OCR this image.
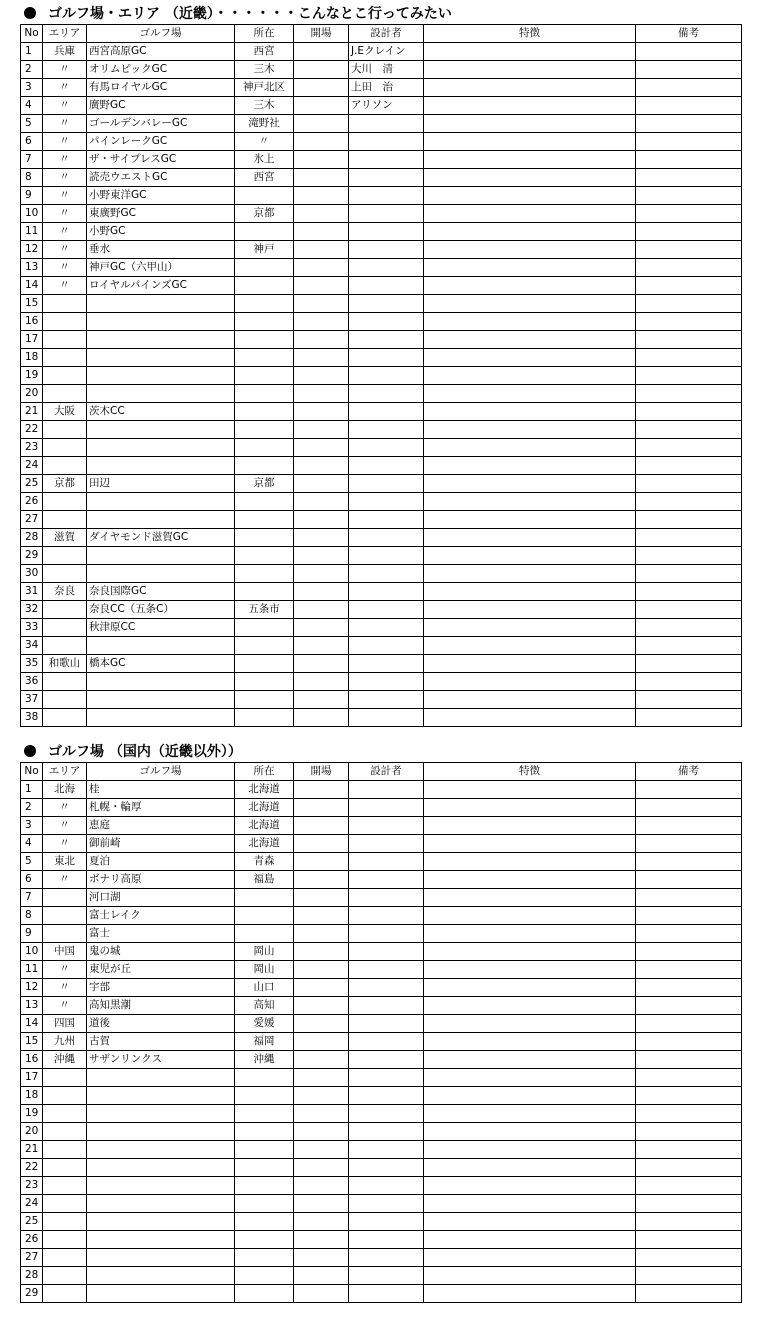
ゴルフ場・エリア （近畿）・・・・・・こんなとこ行ってみたい
No	エリア	ゴルフ場	所在	開場	設計者	特徴	備考
1	兵庫	西宮高原GC	西宮		J.Eクレイン		
2	〃	オリムピックGC	三木		大川　清		
3	〃	有馬ロイヤルGC	神戸北区		上田　治		
4	〃	廣野GC	三木		アリソン		
5	〃	ゴールデンバレーGC	滝野社				
6	〃	パインレークGC	〃				
7	〃	ザ・サイプレスGC	氷上				
8	〃	読売ウエストGC	西宮				
9	〃	小野東洋GC					
10	〃	東廣野GC	京都				
11	〃	小野GC					
12	〃	垂水	神戸				
13	〃	神戸GC（六甲山）					
14	〃	ロイヤルパインズGC					
15							
16							
17							
18							
19							
20							
21	大阪	茨木CC					
22							
23							
24							
25	京都	田辺	京都				
26							
27							
28	滋賀	ダイヤモンド滋賀GC					
29							
30							
31	奈良	奈良国際GC					
32		奈良CC（五条C）	五条市				
33		秋津原CC					
34							
35	和歌山	橋本GC					
36							
37							
38							
ゴルフ場 （国内（近畿以外））
No	エリア	ゴルフ場	所在	開場	設計者	特徴	備考
1	北海	桂	北海道				
2	〃	札幌・輪厚	北海道				
3	〃	恵庭	北海道				
4	〃	御前崎	北海道				
5	東北	夏泊	青森				
6	〃	ボナリ高原	福島				
7		河口湖					
8		富士レイク					
9		富士					
10	中国	鬼の城	岡山				
11	〃	東児が丘	岡山				
12	〃	宇部	山口				
13	〃	高知黒潮	高知				
14	四国	道後	愛媛				
15	九州	古賀	福岡				
16	沖縄	サザンリンクス	沖縄				
17							
18							
19							
20							
21							
22							
23							
24							
25							
26							
27							
28							
29							
